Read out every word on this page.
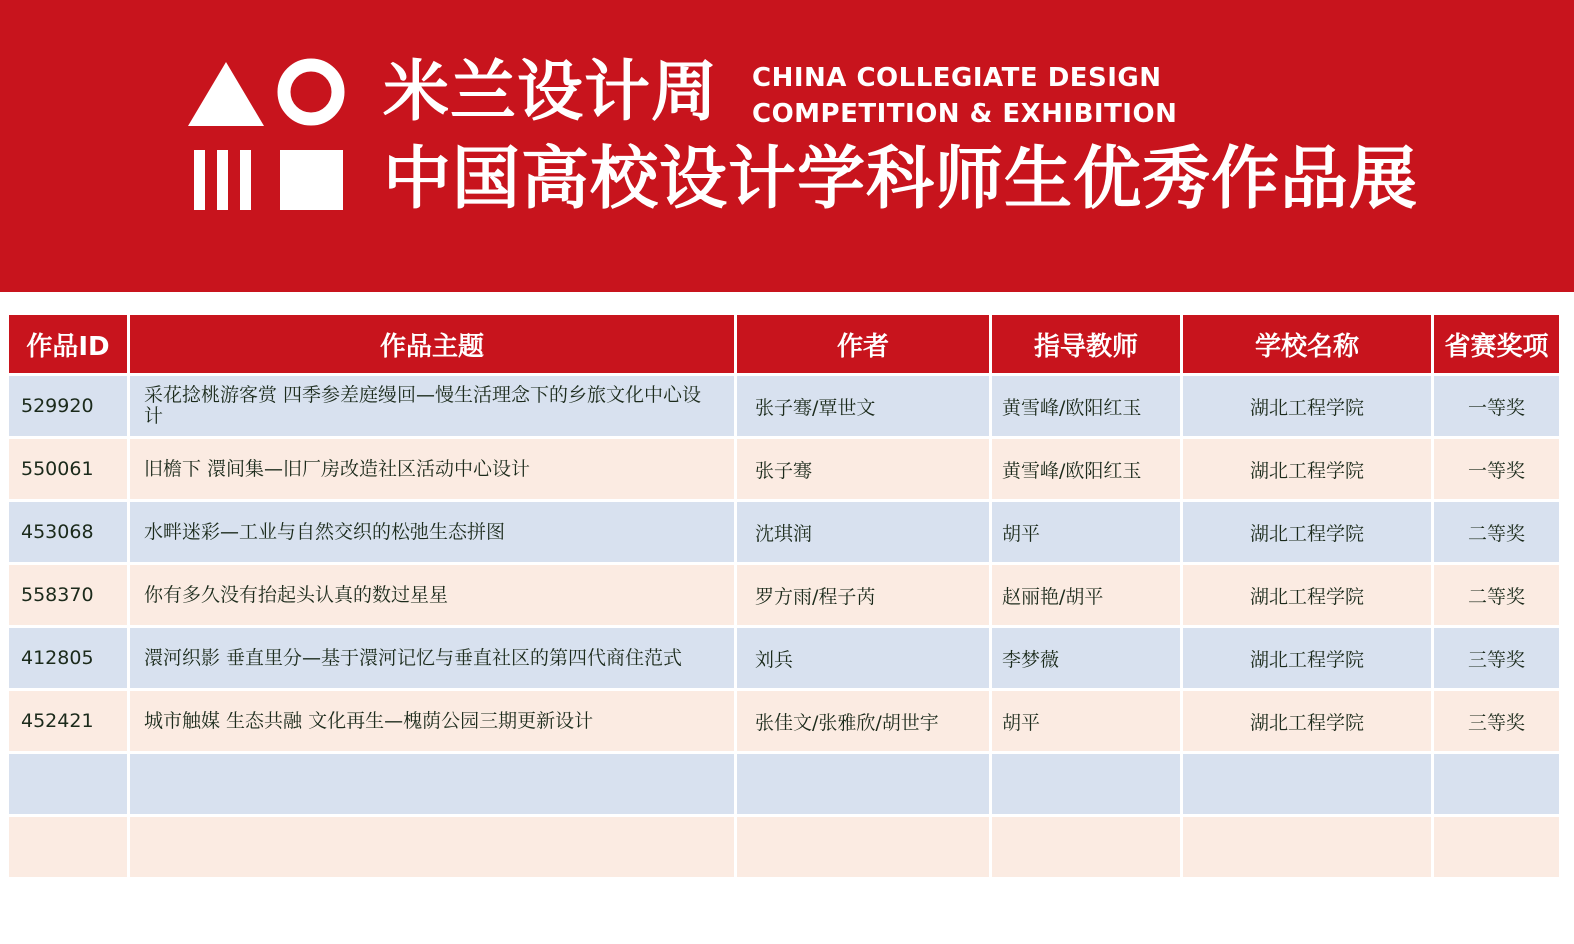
米兰设计周 CHINA COLLEGIATE DESIGN
COMPETITION & EXHIBITION
中国高校设计学科师生优秀作品展
作品ID	作品主题	作者	指导教师	学校名称	省赛奖项
529920	采花捻桃游客赏 四季参差庭缦回—慢生活理念下的乡旅文化中心设计	张子骞/覃世文	黄雪峰/欧阳红玉	湖北工程学院	一等奖
550061	旧檐下 澴间集—旧厂房改造社区活动中心设计	张子骞	黄雪峰/欧阳红玉	湖北工程学院	一等奖
453068	水畔迷彩—工业与自然交织的松弛生态拼图	沈琪润	胡平	湖北工程学院	二等奖
558370	你有多久没有抬起头认真的数过星星	罗方雨/程子芮	赵丽艳/胡平	湖北工程学院	二等奖
412805	澴河织影 垂直里分—基于澴河记忆与垂直社区的第四代商住范式	刘兵	李梦薇	湖北工程学院	三等奖
452421	城市触媒 生态共融 文化再生—槐荫公园三期更新设计	张佳文/张雅欣/胡世宇	胡平	湖北工程学院	三等奖
